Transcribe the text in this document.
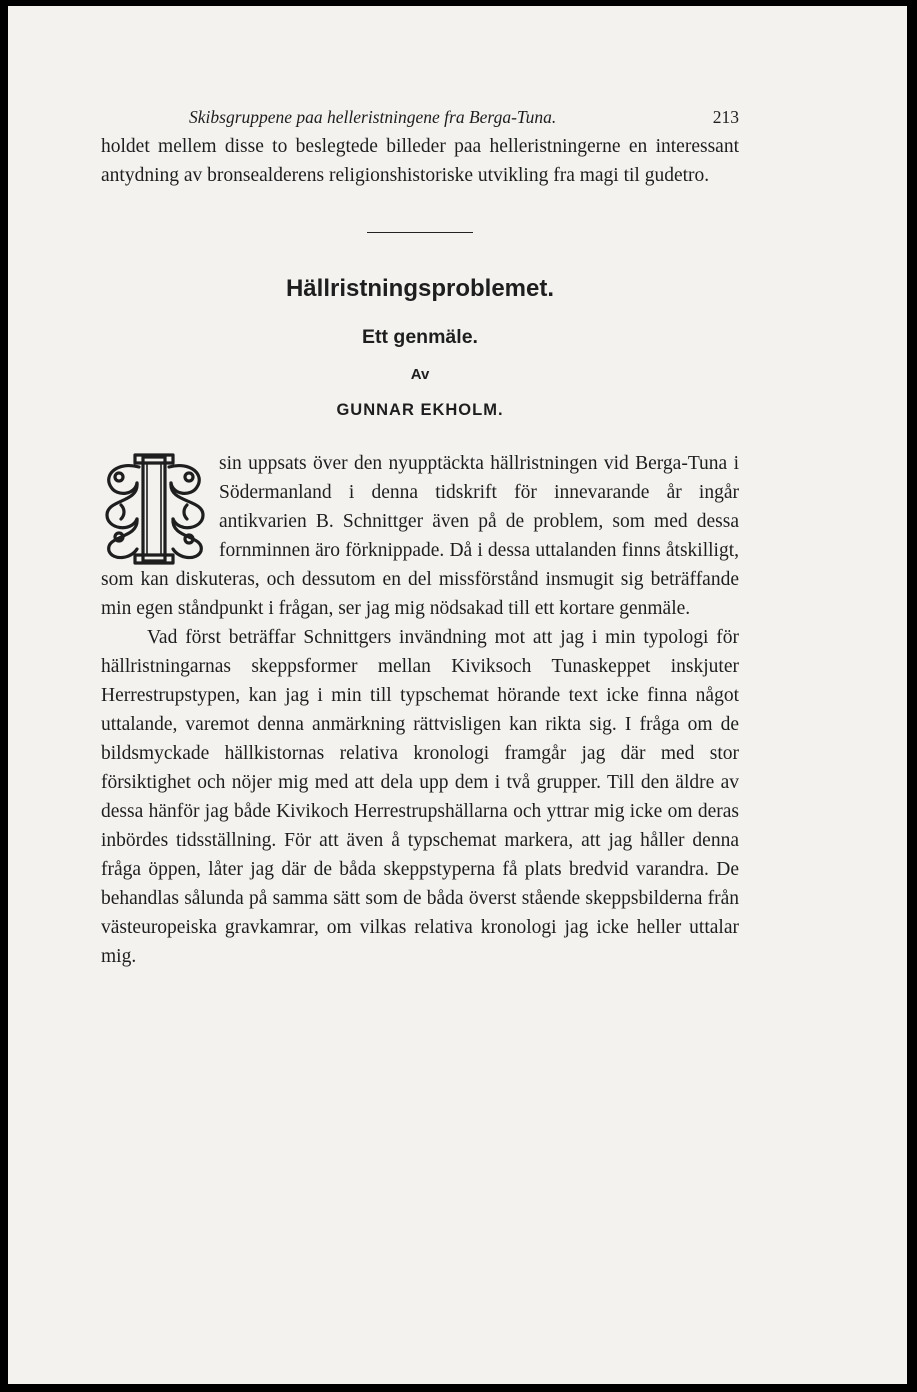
Skibsgruppene paa helleristningene fra Berga-Tuna.	213

holdet mellem disse to beslegtede billeder paa helleristningerne en interessant antydning av bronsealderens religionshistoriske utvikling fra magi til gudetro.

Hällristningsproblemet.
Ett genmäle.
Av
GUNNAR EKHOLM.

sin uppsats över den nyupptäckta hällristningen vid Berga-Tuna i Södermanland i denna tidskrift för innevarande år ingår antikvarien B. Schnittger även på de problem, som med dessa fornminnen äro förknippade. Då i dessa uttalanden finns åtskilligt, som kan diskuteras, och dessutom en del missförstånd insmugit sig beträffande min egen ståndpunkt i frågan, ser jag mig nödsakad till ett kortare genmäle.

Vad först beträffar Schnittgers invändning mot att jag i min typologi för hällristningarnas skeppsformer mellan Kiviksoch Tunaskeppet inskjuter Herrestrupstypen, kan jag i min till typschemat hörande text icke finna något uttalande, varemot denna anmärkning rättvisligen kan rikta sig. I fråga om de bildsmyckade hällkistornas relativa kronologi framgår jag där med stor försiktighet och nöjer mig med att dela upp dem i två grupper. Till den äldre av dessa hänför jag både Kivikoch Herrestrupshällarna och yttrar mig icke om deras inbördes tidsställning. För att även å typschemat markera, att jag håller denna fråga öppen, låter jag där de båda skeppstyperna få plats bredvid varandra. De behandlas sålunda på samma sätt som de båda överst stående skeppsbilderna från västeuropeiska gravkamrar, om vilkas relativa kronologi jag icke heller uttalar mig.
